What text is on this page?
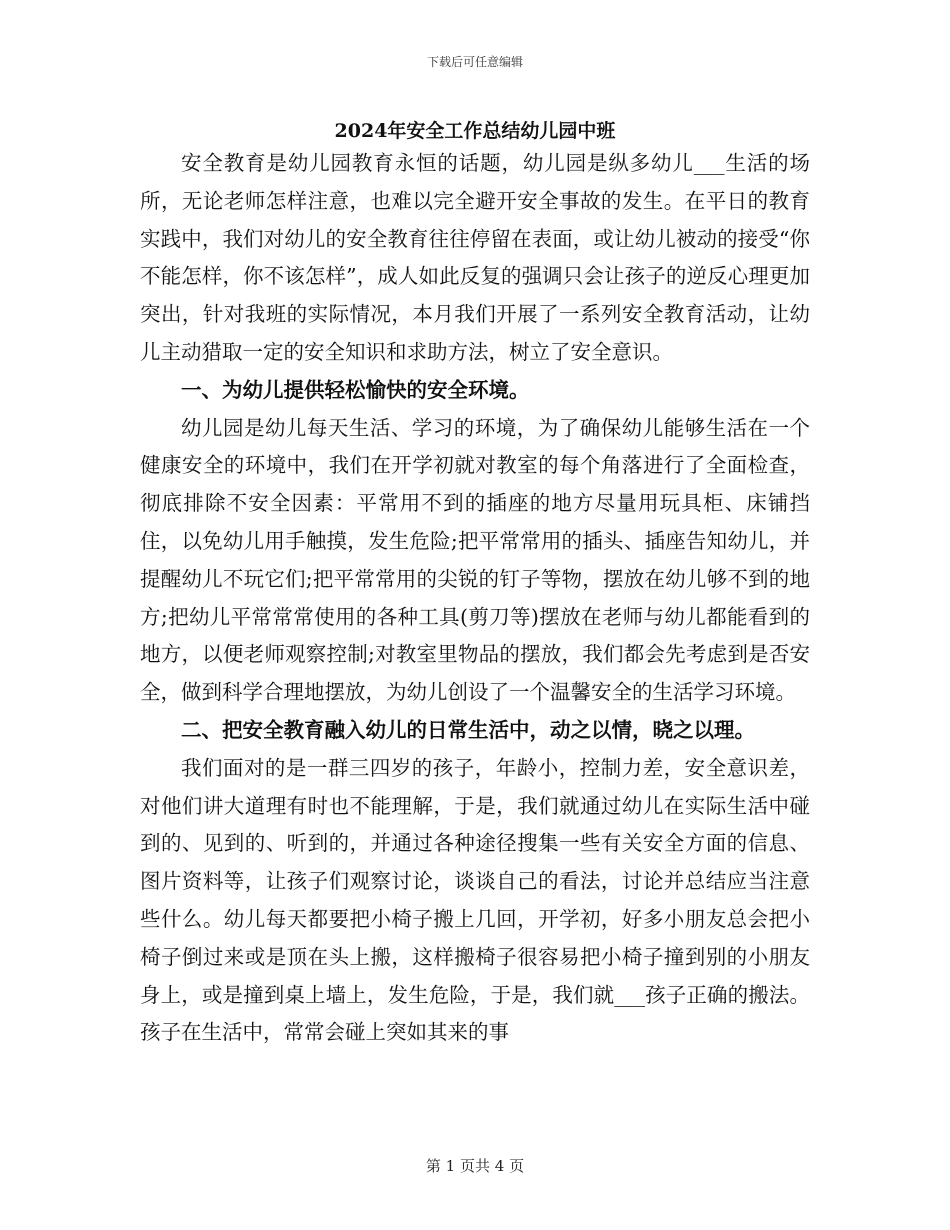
下载后可任意编辑
2024年安全工作总结幼儿园中班

安全教育是幼儿园教育永恒的话题，幼儿园是纵多幼儿___生活的场所，无论老师怎样注意，也难以完全避开安全事故的发生。在平日的教育实践中，我们对幼儿的安全教育往往停留在表面，或让幼儿被动的接受“你不能怎样，你不该怎样”，成人如此反复的强调只会让孩子的逆反心理更加突出，针对我班的实际情况，本月我们开展了一系列安全教育活动，让幼儿主动猎取一定的安全知识和求助方法，树立了安全意识。

一、为幼儿提供轻松愉快的安全环境。

幼儿园是幼儿每天生活、学习的环境，为了确保幼儿能够生活在一个健康安全的环境中，我们在开学初就对教室的每个角落进行了全面检查，彻底排除不安全因素：平常用不到的插座的地方尽量用玩具柜、床铺挡住，以免幼儿用手触摸，发生危险;把平常常用的插头、插座告知幼儿，并提醒幼儿不玩它们;把平常常用的尖锐的钉子等物，摆放在幼儿够不到的地方;把幼儿平常常常使用的各种工具(剪刀等)摆放在老师与幼儿都能看到的地方，以便老师观察控制;对教室里物品的摆放，我们都会先考虑到是否安全，做到科学合理地摆放，为幼儿创设了一个温馨安全的生活学习环境。

二、把安全教育融入幼儿的日常生活中，动之以情，晓之以理。

我们面对的是一群三四岁的孩子，年龄小，控制力差，安全意识差，对他们讲大道理有时也不能理解，于是，我们就通过幼儿在实际生活中碰到的、见到的、听到的，并通过各种途径搜集一些有关安全方面的信息、图片资料等，让孩子们观察讨论，谈谈自己的看法，讨论并总结应当注意些什么。幼儿每天都要把小椅子搬上几回，开学初，好多小朋友总会把小椅子倒过来或是顶在头上搬，这样搬椅子很容易把小椅子撞到别的小朋友身上，或是撞到桌上墙上，发生危险，于是，我们就___孩子正确的搬法。孩子在生活中，常常会碰上突如其来的事

第 1 页共 4 页
